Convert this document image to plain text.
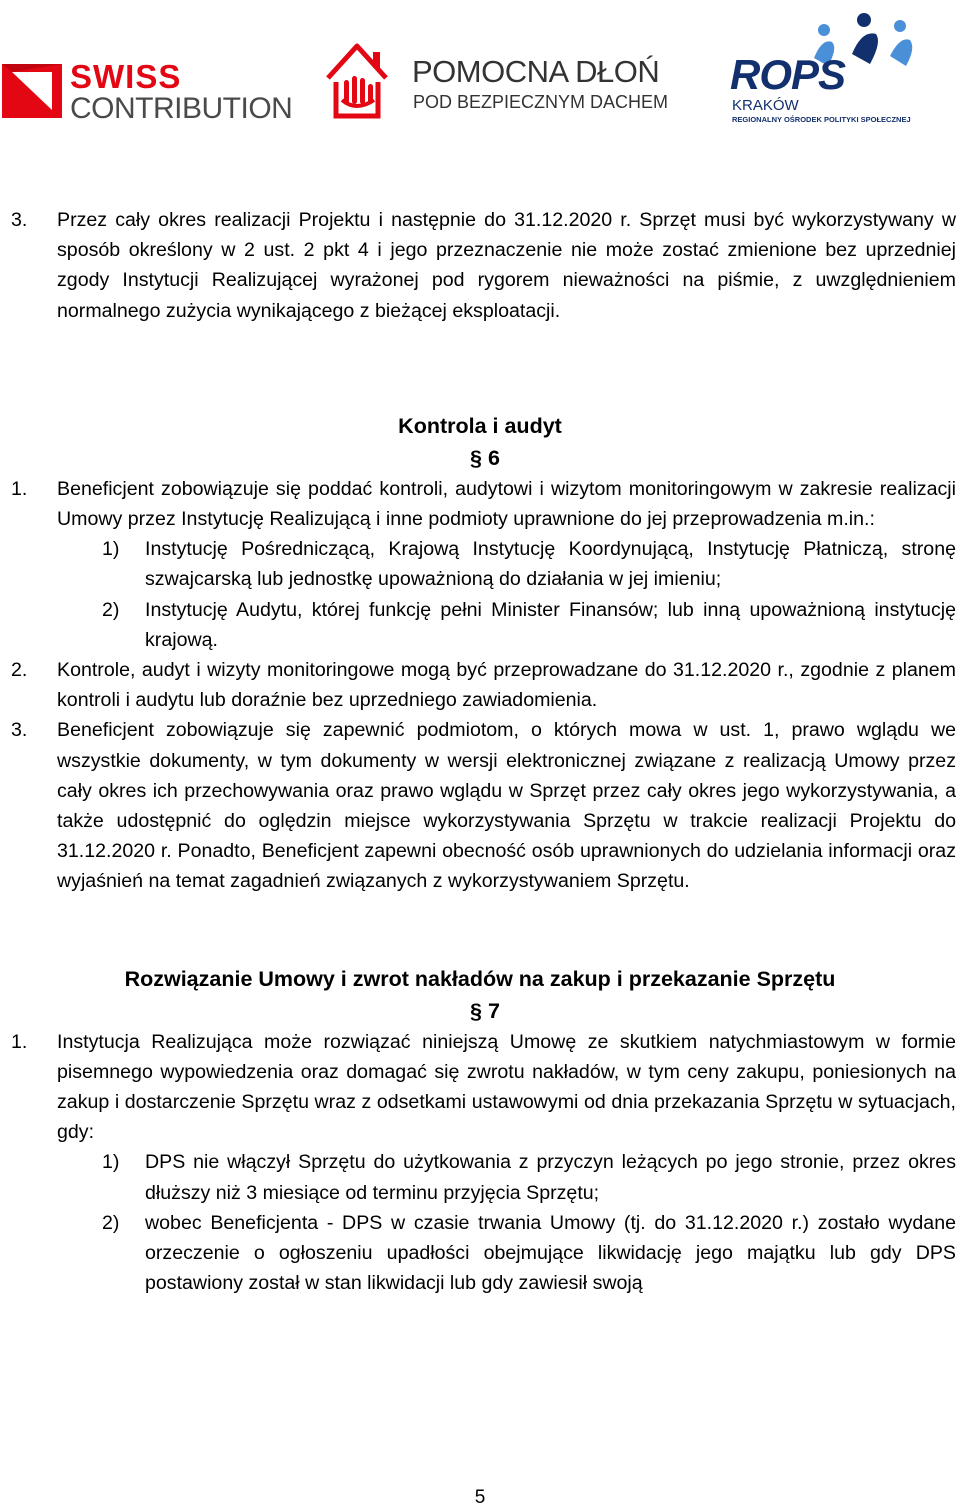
SWISS
CONTRIBUTION
POMOCNA DŁOŃ
POD BEZPIECZNYM DACHEM
ROPS
KRAKÓW
REGIONALNY OŚRODEK POLITYKI SPOŁECZNEJ

3. Przez cały okres realizacji Projektu i następnie do 31.12.2020 r. Sprzęt musi być wykorzystywany w sposób określony w 2 ust. 2 pkt 4 i jego przeznaczenie nie może zostać zmienione bez uprzedniej zgody Instytucji Realizującej wyrażonej pod rygorem nieważności na piśmie, z uwzględnieniem normalnego zużycia wynikającego z bieżącej eksploatacji.

Kontrola i audyt

§ 6

1. Beneficjent zobowiązuje się poddać kontroli, audytowi i wizytom monitoringowym w zakresie realizacji Umowy przez Instytucję Realizującą i inne podmioty uprawnione do jej przeprowadzenia m.in.:

1) Instytucję Pośredniczącą, Krajową Instytucję Koordynującą, Instytucję Płatniczą, stronę szwajcarską lub jednostkę upoważnioną do działania w jej imieniu;

2) Instytucję Audytu, której funkcję pełni Minister Finansów; lub inną upoważnioną instytucję krajową.

2. Kontrole, audyt i wizyty monitoringowe mogą być przeprowadzane do 31.12.2020 r., zgodnie z planem kontroli i audytu lub doraźnie bez uprzedniego zawiadomienia.

3. Beneficjent zobowiązuje się zapewnić podmiotom, o których mowa w ust. 1, prawo wglądu we wszystkie dokumenty, w tym dokumenty w wersji elektronicznej związane z realizacją Umowy przez cały okres ich przechowywania oraz prawo wglądu w Sprzęt przez cały okres jego wykorzystywania, a także udostępnić do oględzin miejsce wykorzystywania Sprzętu w trakcie realizacji Projektu do 31.12.2020 r. Ponadto, Beneficjent zapewni obecność osób uprawnionych do udzielania informacji oraz wyjaśnień na temat zagadnień związanych z wykorzystywaniem Sprzętu.

Rozwiązanie Umowy i zwrot nakładów na zakup i przekazanie Sprzętu

§ 7

1. Instytucja Realizująca może rozwiązać niniejszą Umowę ze skutkiem natychmiastowym w formie pisemnego wypowiedzenia oraz domagać się zwrotu nakładów, w tym ceny zakupu, poniesionych na zakup i dostarczenie Sprzętu wraz z odsetkami ustawowymi od dnia przekazania Sprzętu w sytuacjach, gdy:

1) DPS nie włączył Sprzętu do użytkowania z przyczyn leżących po jego stronie, przez okres dłuższy niż 3 miesiące od terminu przyjęcia Sprzętu;

2) wobec Beneficjenta - DPS w czasie trwania Umowy (tj. do 31.12.2020 r.) zostało wydane orzeczenie o ogłoszeniu upadłości obejmujące likwidację jego majątku lub gdy DPS postawiony został w stan likwidacji lub gdy zawiesił swoją

5
